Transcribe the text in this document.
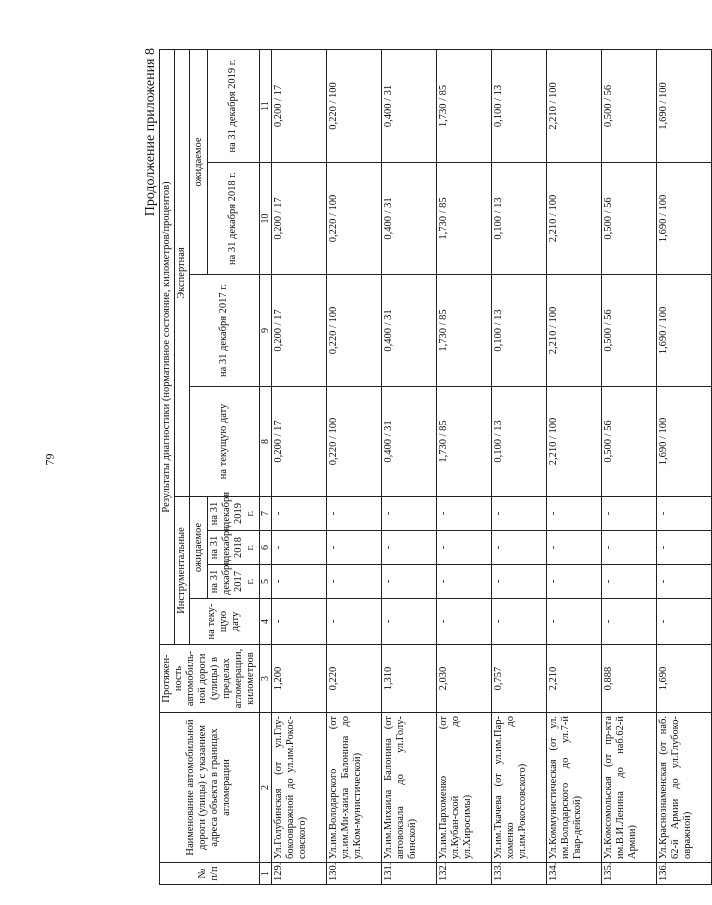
79
Продолжение приложения 8
№ п/п	Наименование автомобильной дороги (улицы) с указанием адреса объекта в границах агломерации	Протяжен-ность автомобиль-ной дороги (улицы) в пределах агломерации, километров	Результаты диагностики (нормативное состояние, километров/процентов)							
			Инструментальные				Экспертная			
			на теку-щую дату	ожидаемое			на текущую дату	на 31 декабря 2017 г.	ожидаемое	
				на 31 декабря 2017 г.	на 31 декабря 2018 г.	на 31 декабря 2019 г.			на 31 декабря 2018 г.	на 31 декабря 2019 г.
1	2	3	4	5	6	7	8	9	10	11
129.	Ул.Голубинская (от ул.Глу-бокоовражной до ул.им.Рокос-совского)	1,200	-	-	-	-	0,200 / 17	0,200 / 17	0,200 / 17	0,200 / 17
130.	Ул.им.Володарского (от ул.им.Ми-хаила Балонина до ул.Ком-мунистической)	0,220	-	-	-	-	0,220 / 100	0,220 / 100	0,220 / 100	0,220 / 100
131.	Ул.им.Михаила Балонина (от автовокзала до ул.Голу-бинской)	1,310	-	-	-	-	0,400 / 31	0,400 / 31	0,400 / 31	0,400 / 31
132.	Ул.им.Пархоменко (от ул.Кубан-ской до ул.Хиросимы)	2,030	-	-	-	-	1,730 / 85	1,730 / 85	1,730 / 85	1,730 / 85
133.	Ул.им.Ткачева (от ул.им.Пар-хоменко до ул.им.Рокоссовского)	0,757	-	-	-	-	0,100 / 13	0,100 / 13	0,100 / 13	0,100 / 13
134.	Ул.Коммунистическая (от ул. им.Володарского до ул.7-й Гвар-дейской)	2,210	-	-	-	-	2,210 / 100	2,210 / 100	2,210 / 100	2,210 / 100
135.	Ул.Комсомольская (от пр-кта им.В.И.Ленина до наб.62-й Армии)	0,888	-	-	-	-	0,500 / 56	0,500 / 56	0,500 / 56	0,500 / 56
136.	Ул.Краснознаменская (от наб. 62-й Армии до ул.Глубоко-овражной)	1,690	-	-	-	-	1,690 / 100	1,690 / 100	1,690 / 100	1,690 / 100
